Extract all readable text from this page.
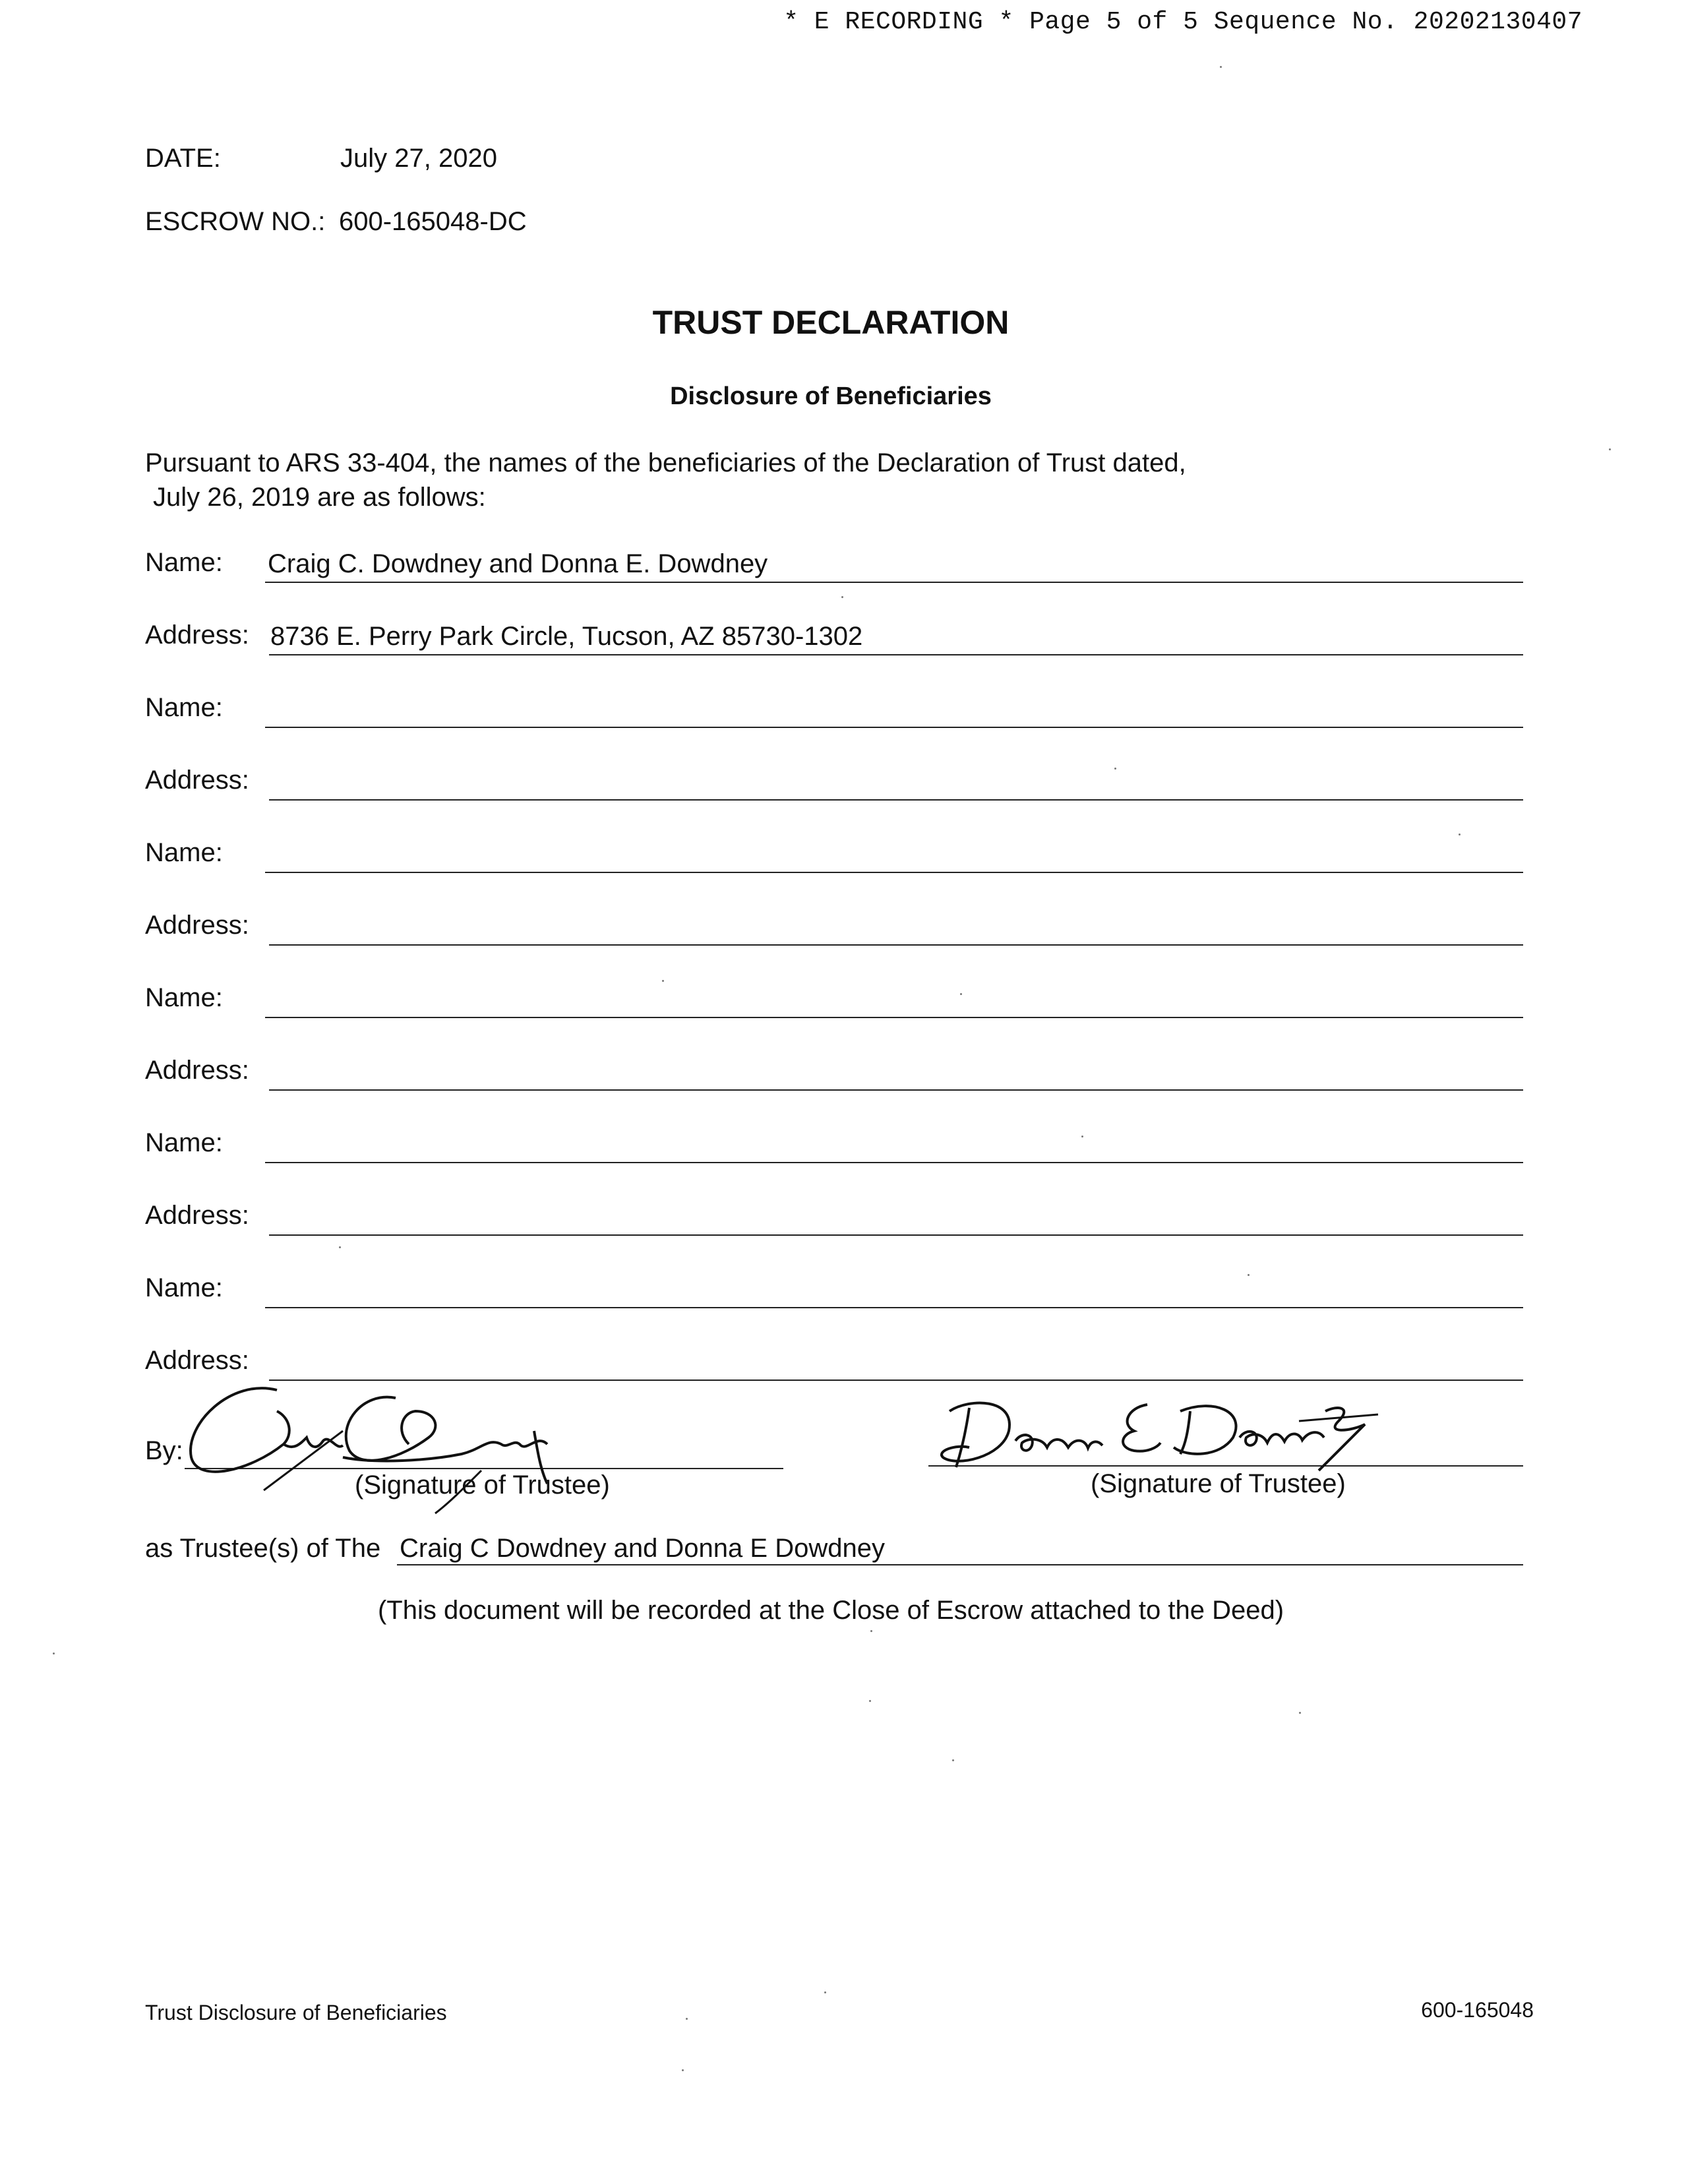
* E RECORDING * Page 5 of 5 Sequence No. 20202130407
DATE:	July 27, 2020
ESCROW NO.: 600-165048-DC
TRUST DECLARATION
Disclosure of Beneficiaries
Pursuant to ARS 33-404, the names of the beneficiaries of the Declaration of Trust dated,
July 26, 2019 are as follows:
Name: Craig C. Dowdney and Donna E. Dowdney
Address: 8736 E. Perry Park Circle, Tucson, AZ 85730-1302
Name:
Address:
Name:
Address:
Name:
Address:
Name:
Address:
Name:
Address:
By:
(Signature of Trustee)	(Signature of Trustee)
as Trustee(s) of The Craig C Dowdney and Donna E Dowdney
(This document will be recorded at the Close of Escrow attached to the Deed)
Trust Disclosure of Beneficiaries	600-165048
